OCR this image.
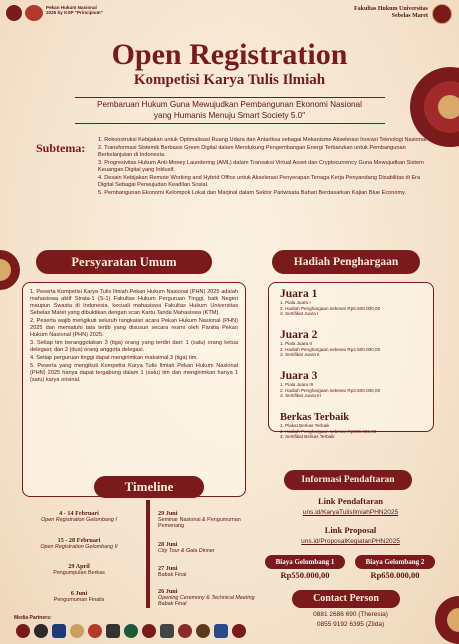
Pekan Hukum Nasional 2025 by KSP "Principium"
Fakultas Hukum Universitas Sebelas Maret
Open Registration
Kompetisi Karya Tulis Ilmiah
Pembaruan Hukum Guna Mewujudkan Pembangunan Ekonomi Nasional
yang Humanis Menuju Smart Society 5.0"
Subtema:
1. Rekonstruksi Kebijakan untuk Optimalisasi Ruang Udara dan Antariksa sebagai Mekanisme Akselerasi Inovasi Teknologi Nasional.
2. Transformasi Sistemik Berbasis Green Digital dalam Mendukung Pengembangan Energi Terbarukan untuk Pembangunan Berkelanjutan di Indonesia.
3. Progresivitas Hukum Anti-Money Laundering (AML) dalam Transaksi Virtual Asset dan Cryptocurrency Guna Mewujudkan Sistem Keuangan Digital yang Inklusif.
4. Desain Kebijakan Remote Working and Hybrid Office untuk Akselerasi Penyerapan Tenaga Kerja Penyandang Disabilitas di Era Digital Sebagai Perwujudan Keadilan Sosial.
5. Pembangunan Ekonomi Kelompok Lokal dan Marjinal dalam Sektor Pariwisata Bahari Berdasarkan Kajian Blue Economy.
Persyaratan Umum
1. Peserta Kompetisi Karya Tulis Ilmiah Pekan Hukum Nasional (PHN) 2025 adalah mahasiswa aktif Strata-1 (S-1) Fakultas Hukum Perguruan Tinggi, baik Negeri maupun Swasta di Indonesia, kecuali mahasiswa Fakultas Hukum Universitas Sebelas Maret yang dibuktikan dengan scan Kartu Tanda Mahasiswa (KTM).
2. Peserta wajib mengikuti seluruh rangkaian acara Pekan Hukum Nasional (PHN) 2025 dan mematuhi tata tertib yang disusun secara resmi oleh Panitia Pekan Hukum Nasional (PHN) 2025.
3. Setiap tim beranggotakan 3 (tiga) orang yang terdiri dari: 1 (satu) orang ketua delegasi; dan 2 (dua) orang anggota delegasi.
4. Setiap perguruan tinggi dapat mengirimkan maksimal 3 (tiga) tim.
5. Peserta yang mengikuti Kompetisi Karya Tulis Ilmiah Pekan Hukum Nasional (PHN) 2025 hanya dapat tergabung dalam 1 (satu) tim dan mengirimkan hanya 1 (satu) karya orisinal.
Hadiah Penghargaan
Juara 1
1. Piala Juara I
2. Hadiah Penghargaan sebesar Rp5.500.000,00
3. Sertifikat Juara I
Juara 2
1. Piala Juara II
2. Hadiah Penghargaan sebesar Rp4.500.000,00
3. Sertifikat Juara II
Juara 3
1. Piala Juara III
2. Hadiah Penghargaan sebesar Rp3.500.000,00
3. Sertifikat Juara III
Berkas Terbaik
1. Plakat Berkas Terbaik
2. Hadiah Penghargaan sebesar Rp500.000,00
3. Sertifikat Berkas Terbaik
Timeline
4 - 14 Februari
Open Registration Gelombang I
15 - 28 Februari
Open Registration Gelombang II
29 April
Pengumpulan Berkas
6 Juni
Pengumuman Finalis
29 Juni
Seminar Nasional & Pengumuman Pemenang
28 Juni
City Tour & Gala Dinner
27 Juni
Babak Final
26 Juni
Opening Ceremony & Technical Meeting Babak Final
Informasi Pendaftaran
Link Pendaftaran
uns.id/KaryaTulisIlmiahPHN2025
Link Proposal
uns.id/ProposalKegiatanPHN2025
Biaya Gelombang 1
Rp550.000,00
Biaya Gelombang 2
Rp650.000,00
Contact Person
0881 2686 690 (Theresia)
0855 9192 6395 (Zilda)
Media Partners:
